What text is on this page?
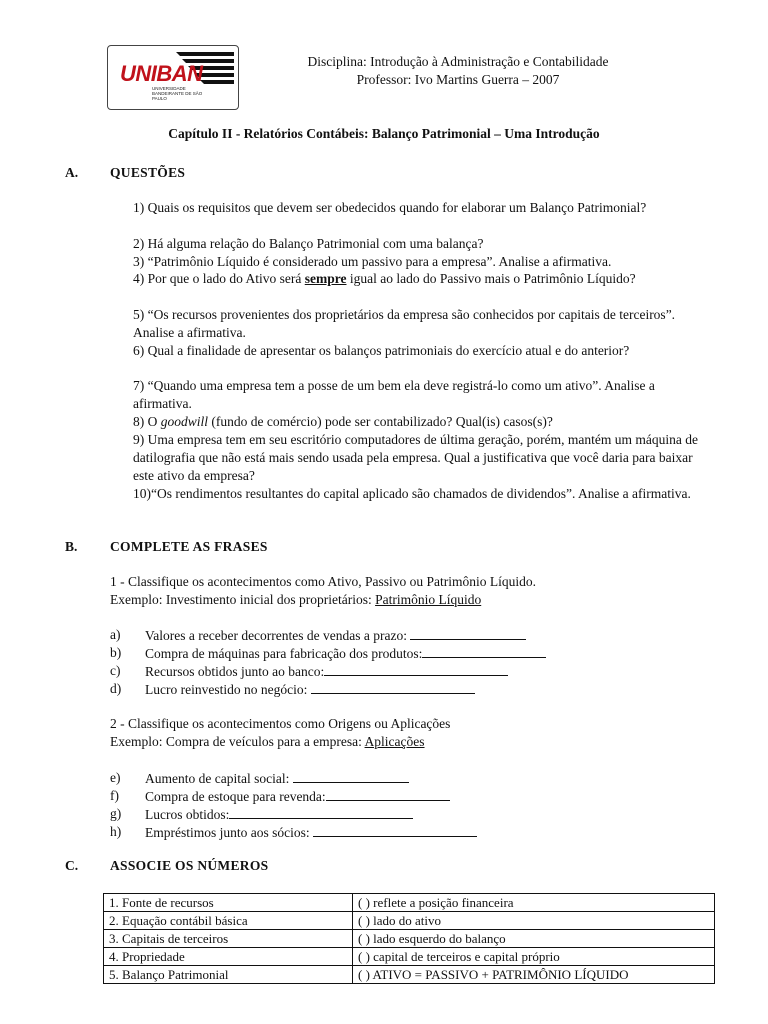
UNIBAN
UNIVERSIDADE BANDEIRANTE DE SÃO PAULO
Disciplina: Introdução à Administração e Contabilidade
Professor: Ivo Martins Guerra – 2007
Capítulo II - Relatórios Contábeis: Balanço Patrimonial – Uma Introdução
A. QUESTÕES
1) Quais os requisitos que devem ser obedecidos quando for elaborar um Balanço Patrimonial?
2) Há alguma relação do Balanço Patrimonial com uma balança?
3) “Patrimônio Líquido é considerado um passivo para a empresa”. Analise a afirmativa.
4) Por que o lado do Ativo será sempre igual ao lado do Passivo mais o Patrimônio Líquido?
5) “Os recursos provenientes dos proprietários da empresa são conhecidos por capitais de terceiros”. Analise a afirmativa.
6) Qual a finalidade de apresentar os balanços patrimoniais do exercício atual e do anterior?
7) “Quando uma empresa tem a posse de um bem ela deve registrá-lo como um ativo”. Analise a afirmativa.
8) O goodwill (fundo de comércio) pode ser contabilizado? Qual(is) casos(s)?
9) Uma empresa tem em seu escritório computadores de última geração, porém, mantém um máquina de datilografia que não está mais sendo usada pela empresa. Qual a justificativa que você daria para baixar este ativo da empresa?
10)“Os rendimentos resultantes do capital aplicado são chamados de dividendos”. Analise a afirmativa.
B. COMPLETE AS FRASES
1 - Classifique os acontecimentos como Ativo, Passivo ou Patrimônio Líquido.
Exemplo: Investimento inicial dos proprietários: Patrimônio Líquido
a) Valores a receber decorrentes de vendas a prazo:
b) Compra de máquinas para fabricação dos produtos:
c) Recursos obtidos junto ao banco:
d) Lucro reinvestido no negócio:
2 - Classifique os acontecimentos como Origens ou Aplicações
Exemplo: Compra de veículos para a empresa: Aplicações
e) Aumento de capital social:
f) Compra de estoque para revenda:
g) Lucros obtidos:
h) Empréstimos junto aos sócios:
C. ASSOCIE OS NÚMEROS
1. Fonte de recursos	( ) reflete a posição financeira
2. Equação contábil básica	( ) lado do ativo
3. Capitais de terceiros	( ) lado esquerdo do balanço
4. Propriedade	( ) capital de terceiros e capital próprio
5. Balanço Patrimonial	( ) ATIVO = PASSIVO + PATRIMÔNIO LÍQUIDO
